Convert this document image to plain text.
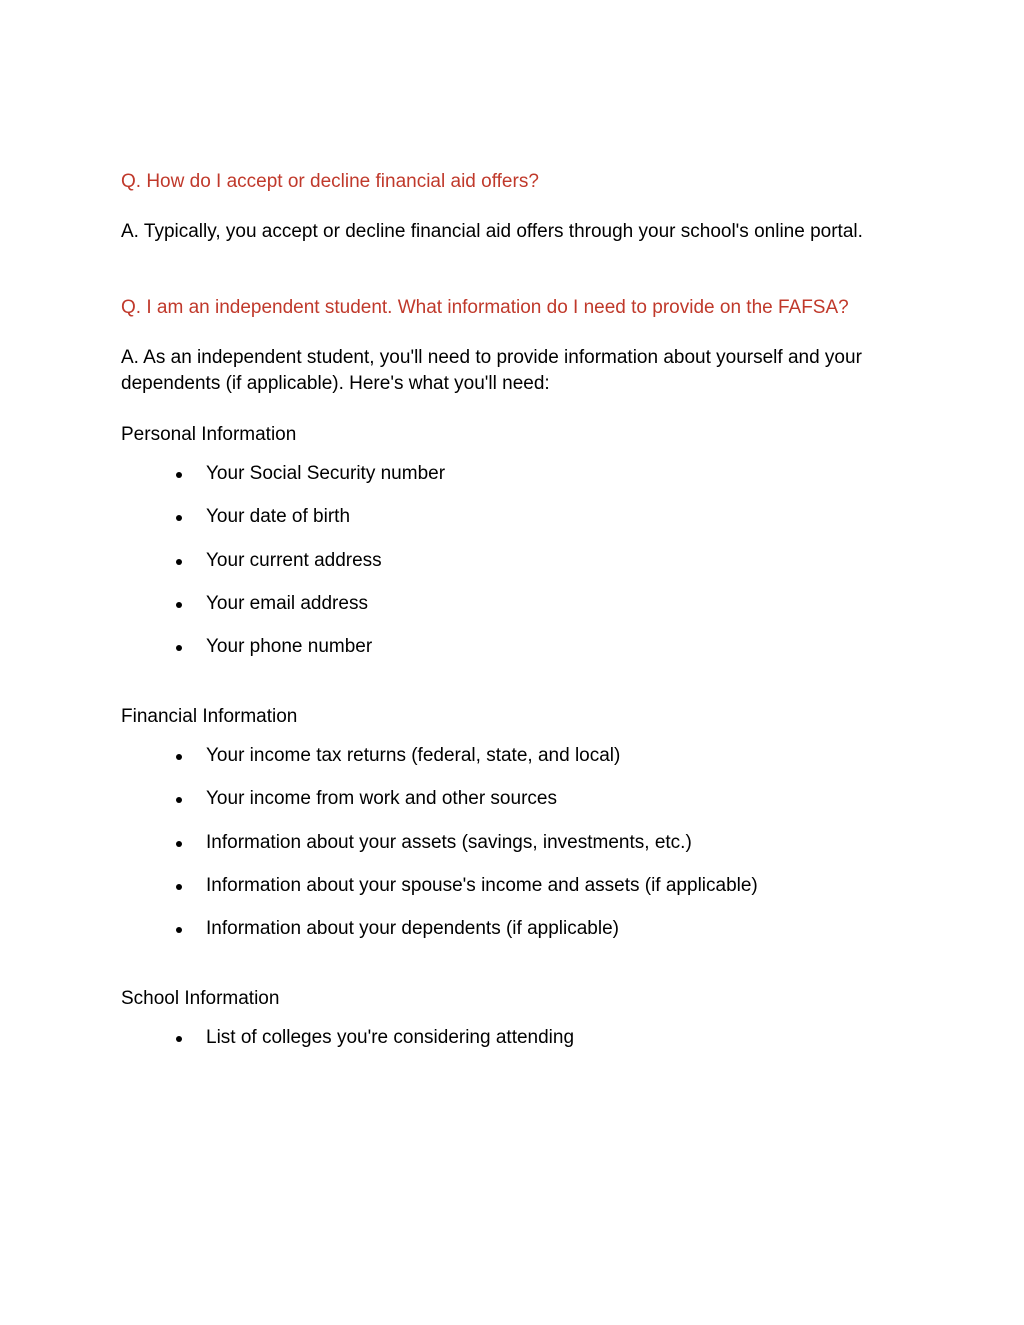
Q. How do I accept or decline financial aid offers?

A. Typically, you accept or decline financial aid offers through your school's online portal.

Q. I am an independent student. What information do I need to provide on the FAFSA?

A. As an independent student, you'll need to provide information about yourself and your dependents (if applicable). Here's what you'll need:

Personal Information

Your Social Security number
Your date of birth
Your current address
Your email address
Your phone number

Financial Information

Your income tax returns (federal, state, and local)
Your income from work and other sources
Information about your assets (savings, investments, etc.)
Information about your spouse's income and assets (if applicable)
Information about your dependents (if applicable)

School Information

List of colleges you're considering attending
